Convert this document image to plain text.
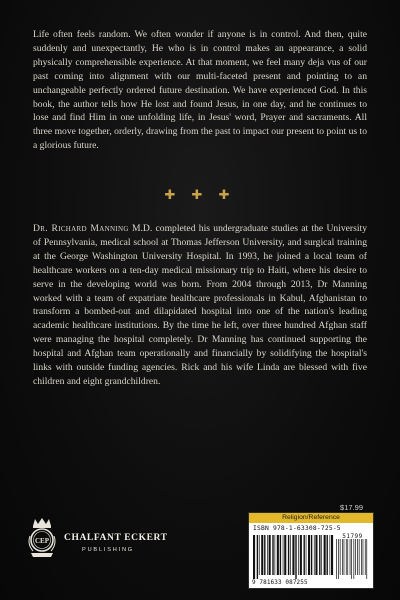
Life often feels random. We often wonder if anyone is in control. And then, quite suddenly and unexpectantly, He who is in control makes an appearance, a solid physically comprehensible experience. At that moment, we feel many deja vus of our past coming into alignment with our multi-faceted present and pointing to an unchangeable perfectly ordered future destination. We have experienced God. In this book, the author tells how He lost and found Jesus, in one day, and he continues to lose and find Him in one unfolding life, in Jesus' word, Prayer and sacraments. All three move together, orderly, drawing from the past to impact our present to point us to a glorious future.

✚ ✚ ✚

Dr. Richard Manning M.D. completed his undergraduate studies at the University of Pennsylvania, medical school at Thomas Jefferson University, and surgical training at the George Washington University Hospital. In 1993, he joined a local team of healthcare workers on a ten-day medical missionary trip to Haiti, where his desire to serve in the developing world was born. From 2004 through 2013, Dr Manning worked with a team of expatriate healthcare professionals in Kabul, Afghanistan to transform a bombed-out and dilapidated hospital into one of the nation's leading academic healthcare institutions. By the time he left, over three hundred Afghan staff were managing the hospital completely. Dr Manning has continued supporting the hospital and Afghan team operationally and financially by solidifying the hospital's links with outside funding agencies. Rick and his wife Linda are blessed with five children and eight grandchildren.

$17.99
CEP CHALFANT ECKERT
PUBLISHING
Religion/Reference
ISBN 978-1-63308-725-5
51799
9 781633 087255
